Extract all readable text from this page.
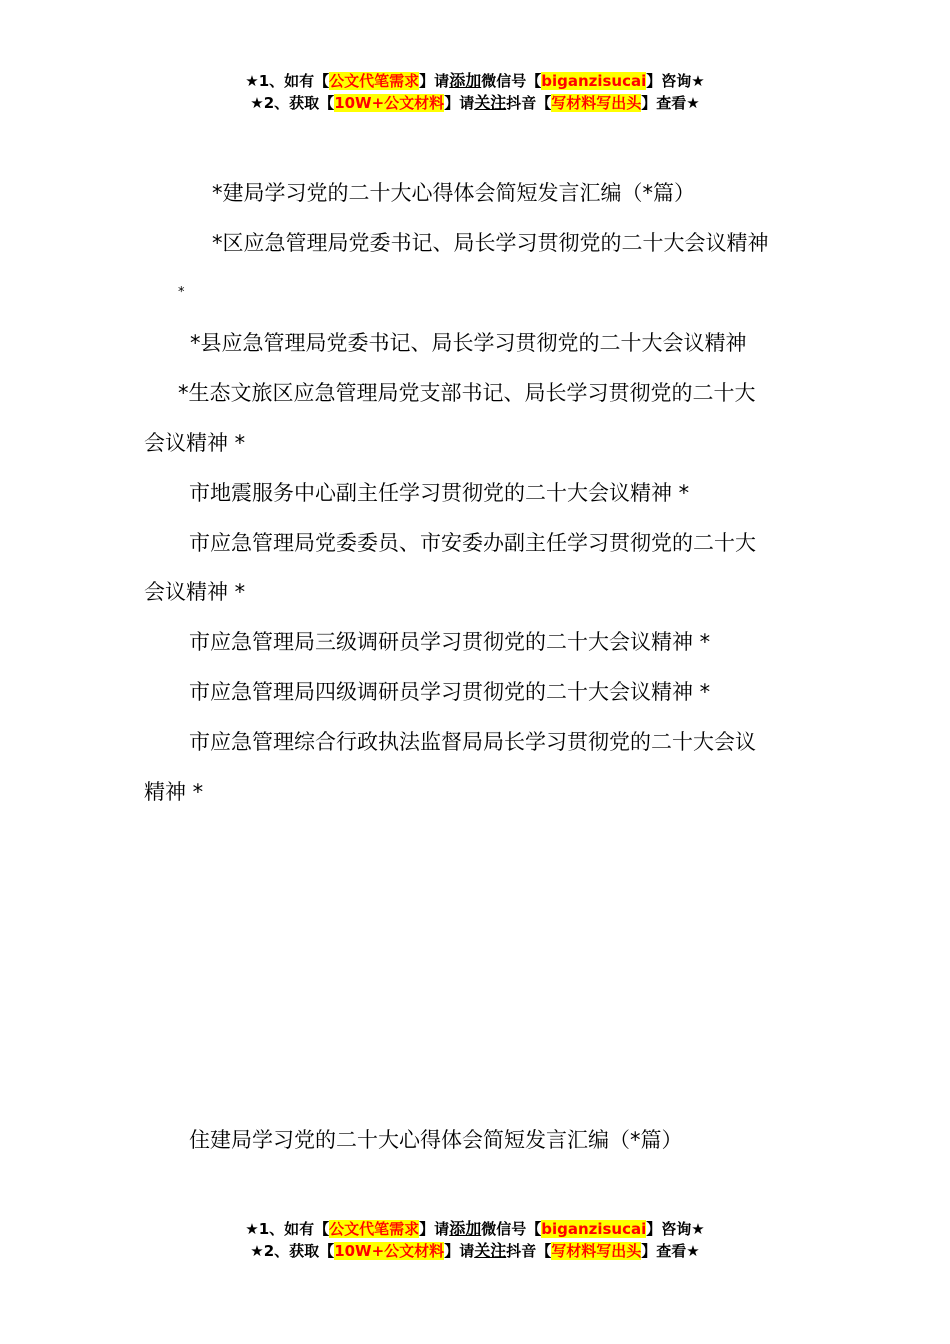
★1、如有【公文代笔需求】请添加微信号【biganzisucai】咨询★
★2、获取【10W+公文材料】请关注抖音【写材料写出头】查看★
*建局学习党的二十大心得体会简短发言汇编（*篇）
*区应急管理局党委书记、局长学习贯彻党的二十大会议精神
*
*县应急管理局党委书记、局长学习贯彻党的二十大会议精神
*生态文旅区应急管理局党支部书记、局长学习贯彻党的二十大
会议精神 *
市地震服务中心副主任学习贯彻党的二十大会议精神 *
市应急管理局党委委员、市安委办副主任学习贯彻党的二十大
会议精神 *
市应急管理局三级调研员学习贯彻党的二十大会议精神 *
市应急管理局四级调研员学习贯彻党的二十大会议精神 *
市应急管理综合行政执法监督局局长学习贯彻党的二十大会议
精神 *
住建局学习党的二十大心得体会简短发言汇编（*篇）
★1、如有【公文代笔需求】请添加微信号【biganzisucai】咨询★
★2、获取【10W+公文材料】请关注抖音【写材料写出头】查看★
